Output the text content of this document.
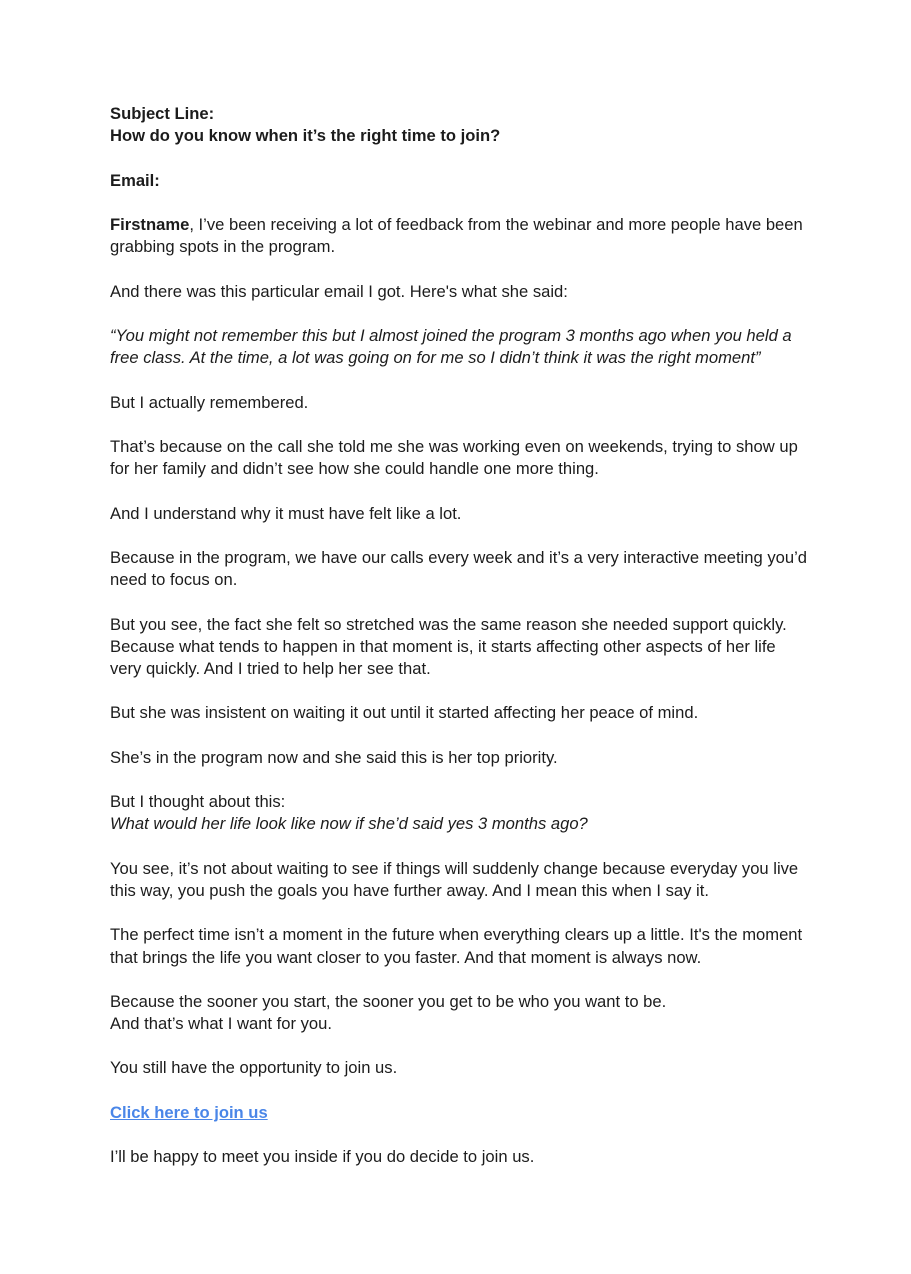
Subject Line:
How do you know when it’s the right time to join?

Email:

Firstname, I’ve been receiving a lot of feedback from the webinar and more people have been grabbing spots in the program.

And there was this particular email I got. Here's what she said:

“You might not remember this but I almost joined the program 3 months ago when you held a free class. At the time, a lot was going on for me so I didn’t think it was the right moment”

But I actually remembered.

That’s because on the call she told me she was working even on weekends, trying to show up for her family and didn’t see how she could handle one more thing.

And I understand why it must have felt like a lot.

Because in the program, we have our calls every week and it’s a very interactive meeting you’d need to focus on.

But you see, the fact she felt so stretched was the same reason she needed support quickly. Because what tends to happen in that moment is, it starts affecting other aspects of her life very quickly. And I tried to help her see that.

But she was insistent on waiting it out until it started affecting her peace of mind.

She’s in the program now and she said this is her top priority.

But I thought about this:
What would her life look like now if she’d said yes 3 months ago?

You see, it’s not about waiting to see if things will suddenly change because everyday you live this way, you push the goals you have further away. And I mean this when I say it.

The perfect time isn’t a moment in the future when everything clears up a little. It's the moment that brings the life you want closer to you faster. And that moment is always now.

Because the sooner you start, the sooner you get to be who you want to be.
And that’s what I want for you.

You still have the opportunity to join us.

Click here to join us

I’ll be happy to meet you inside if you do decide to join us.
